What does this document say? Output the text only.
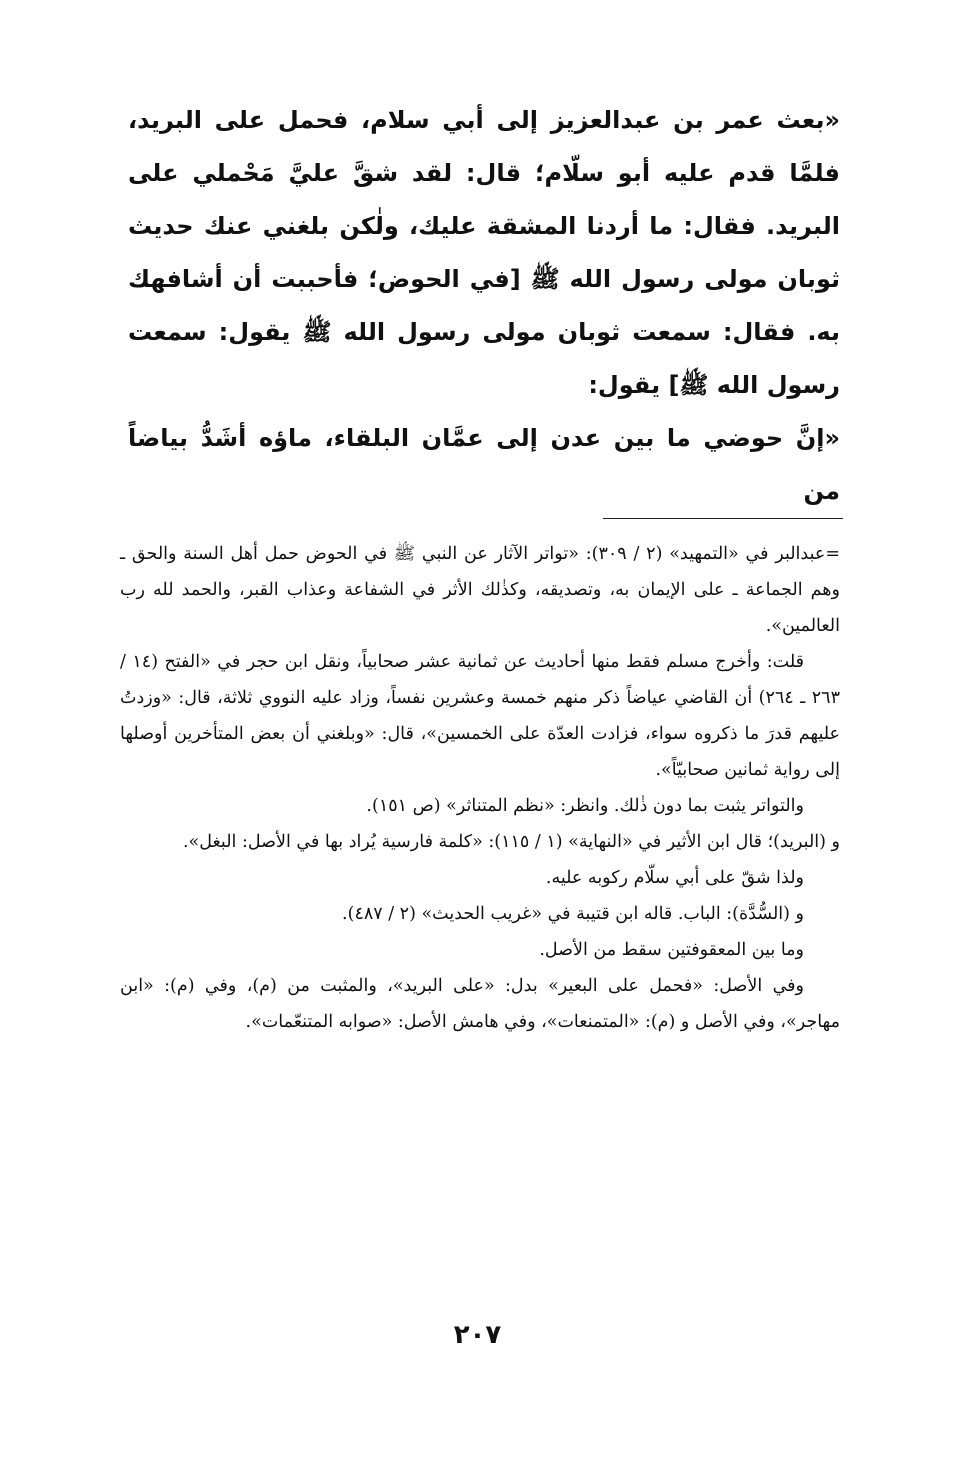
«بعث عمر بن عبدالعزيز إلى أبي سلام، فحمل على البريد، فلمَّا قدم عليه أبو سلّام؛ قال: لقد شقَّ عليَّ مَحْملي على البريد. فقال: ما أردنا المشقة عليك، ولٰكن بلغني عنك حديث ثوبان مولى رسول الله ﷺ [في الحوض؛ فأحببت أن أشافهك به. فقال: سمعت ثوبان مولى رسول الله ﷺ يقول: سمعت رسول الله ﷺ] يقول:

«إنَّ حوضي ما بين عدن إلى عمَّان البلقاء، ماؤه أشَدُّ بياضاً من

=عبدالبر في «التمهيد» (٢ / ٣٠٩): «تواتر الآثار عن النبي ﷺ في الحوض حمل أهل السنة والحق ـ وهم الجماعة ـ على الإيمان به، وتصديقه، وكذٰلك الأثر في الشفاعة وعذاب القبر، والحمد لله رب العالمين».

قلت: وأخرج مسلم فقط منها أحاديث عن ثمانية عشر صحابياً، ونقل ابن حجر في «الفتح (١٤ / ٢٦٣ ـ ٢٦٤) أن القاضي عياضاً ذكر منهم خمسة وعشرين نفساً، وزاد عليه النووي ثلاثة، قال: «وزدتُ عليهم قدرَ ما ذكروه سواء، فزادت العدّة على الخمسين»، قال: «وبلغني أن بعض المتأخرين أوصلها إلى رواية ثمانين صحابيّاً».

والتواتر يثبت بما دون ذٰلك. وانظر: «نظم المتناثر» (ص ١٥١).

و (البريد)؛ قال ابن الأثير في «النهاية» (١ / ١١٥): «كلمة فارسية يُراد بها في الأصل: البغل».

ولذا شقّ على أبي سلّام ركوبه عليه.

و (السُّدَّة): الباب. قاله ابن قتيبة في «غريب الحديث» (٢ / ٤٨٧).

وما بين المعقوفتين سقط من الأصل.

وفي الأصل: «فحمل على البعير» بدل: «على البريد»، والمثبت من (م)، وفي (م): «ابن مهاجر»، وفي الأصل و (م): «المتمنعات»، وفي هامش الأصل: «صوابه المتنعّمات».

٢٠٧
